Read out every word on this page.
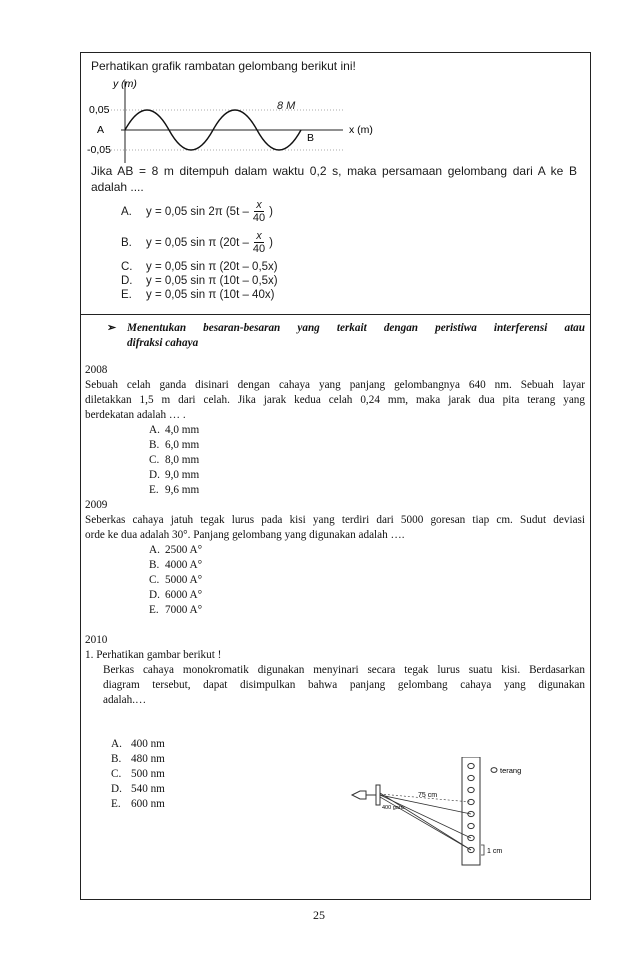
Perhatikan grafik rambatan gelombang berikut ini!
y (m)
0,05
A
-0,05
B
x (m)
8 M
Jika AB = 8 m ditempuh dalam waktu 0,2 s, maka persamaan gelombang dari A ke B adalah ....
A.	y = 0,05 sin 2π ($5t - \frac{x}{40}$ )
B.	y = 0,05 sin π ($20t - \frac{x}{40}$ )
C.	y = 0,05 sin π (20t – 0,5x)
D.	y = 0,05 sin π (10t – 0,5x)
E.	y = 0,05 sin π (10t – 40x)
➢ Menentukan besaran-besaran yang terkait dengan peristiwa interferensi atau
difraksi cahaya
2008
Sebuah celah ganda disinari dengan cahaya yang panjang gelombangnya 640 nm. Sebuah layar
diletakkan 1,5 m dari celah. Jika jarak kedua celah 0,24 mm, maka jarak dua pita terang yang
berdekatan adalah … .
A. 4,0 mm
B. 6,0 mm
C. 8,0 mm
D. 9,0 mm
E. 9,6 mm
2009
Seberkas cahaya jatuh tegak lurus pada kisi yang terdiri dari 5000 goresan tiap cm. Sudut deviasi
orde ke dua adalah 30°. Panjang gelombang yang digunakan adalah ….
A. 2500 A°
B. 4000 A°
C. 5000 A°
D. 6000 A°
E. 7000 A°
2010
1. Perhatikan gambar berikut !
Berkas cahaya monokromatik digunakan menyinari secara tegak lurus suatu kisi. Berdasarkan
diagram tersebut, dapat disimpulkan bahwa panjang gelombang cahaya yang digunakan
adalah.…
A. 400 nm
B. 480 nm
C. 500 nm
D. 540 nm
E. 600 nm
terang
75 cm
400 garis
1 cm
25
